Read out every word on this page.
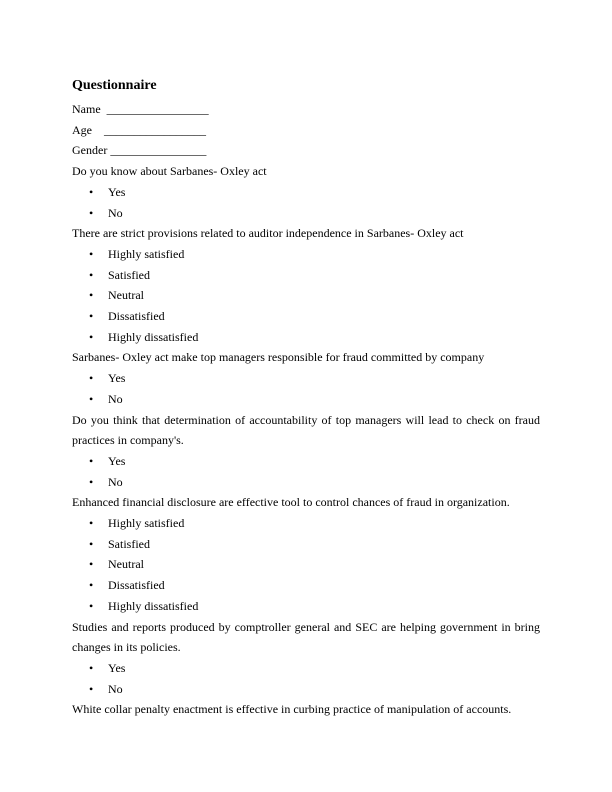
Questionnaire
Name _________________
Age _________________
Gender ________________
Do you know about Sarbanes- Oxley act
• Yes
• No
There are strict provisions related to auditor independence in Sarbanes- Oxley act
• Highly satisfied
• Satisfied
• Neutral
• Dissatisfied
• Highly dissatisfied
Sarbanes- Oxley act make top managers responsible for fraud committed by company
• Yes
• No
Do you think that determination of accountability of top managers will lead to check on fraud practices in company's.
• Yes
• No
Enhanced financial disclosure are effective tool to control chances of fraud in organization.
• Highly satisfied
• Satisfied
• Neutral
• Dissatisfied
• Highly dissatisfied
Studies and reports produced by comptroller general and SEC are helping government in bring changes in its policies.
• Yes
• No
White collar penalty enactment is effective in curbing practice of manipulation of accounts.
